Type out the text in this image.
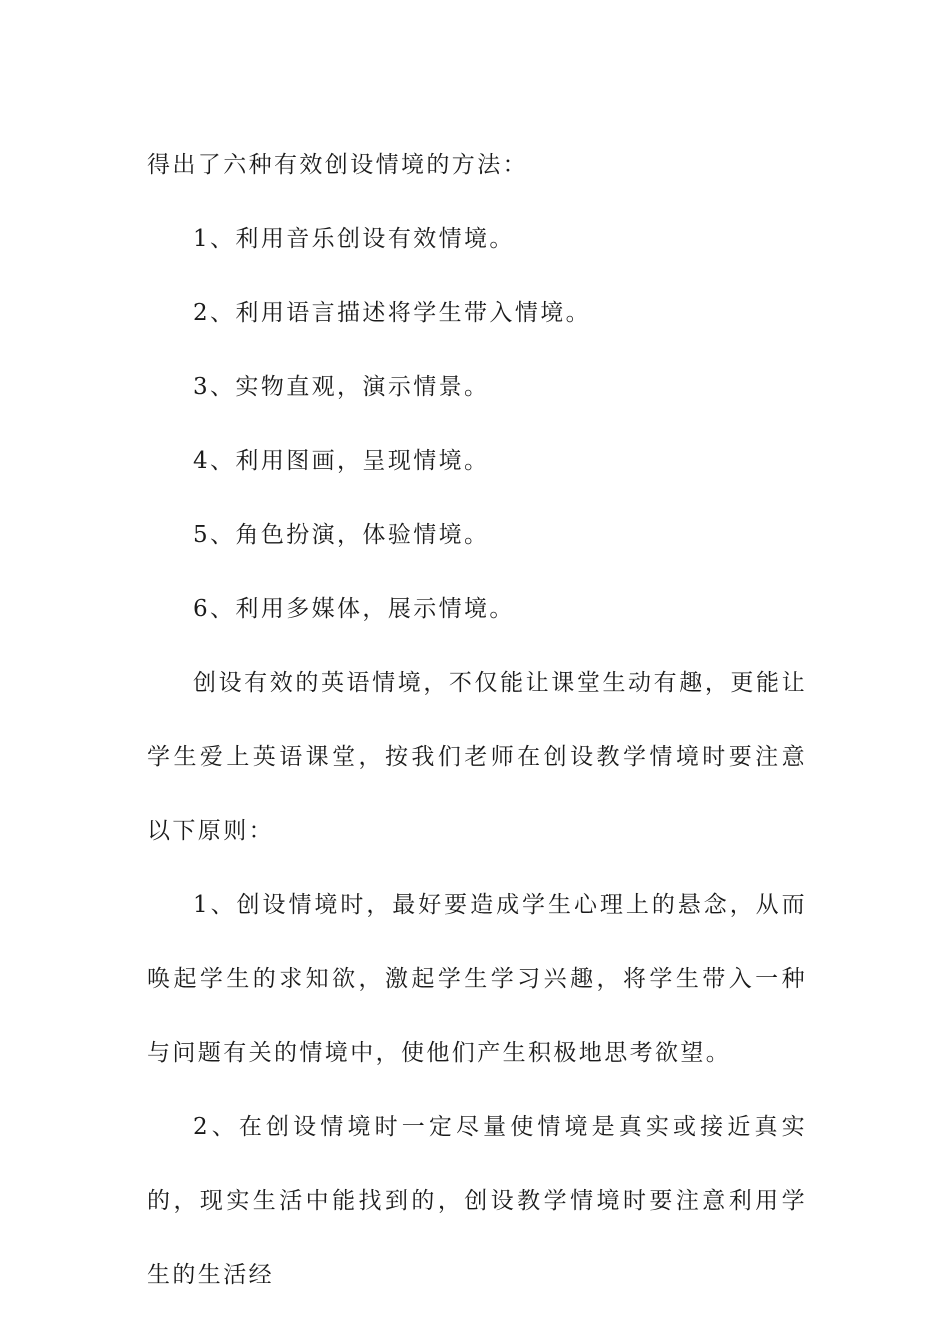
得出了六种有效创设情境的方法：

1、利用音乐创设有效情境。

2、利用语言描述将学生带入情境。

3、实物直观，演示情景。

4、利用图画，呈现情境。

5、角色扮演，体验情境。

6、利用多媒体，展示情境。

创设有效的英语情境，不仅能让课堂生动有趣，更能让学生爱上英语课堂，按我们老师在创设教学情境时要注意以下原则：

1、创设情境时，最好要造成学生心理上的悬念，从而唤起学生的求知欲，激起学生学习兴趣，将学生带入一种与问题有关的情境中，使他们产生积极地思考欲望。

2、在创设情境时一定尽量使情境是真实或接近真实的，现实生活中能找到的，创设教学情境时要注意利用学生的生活经
